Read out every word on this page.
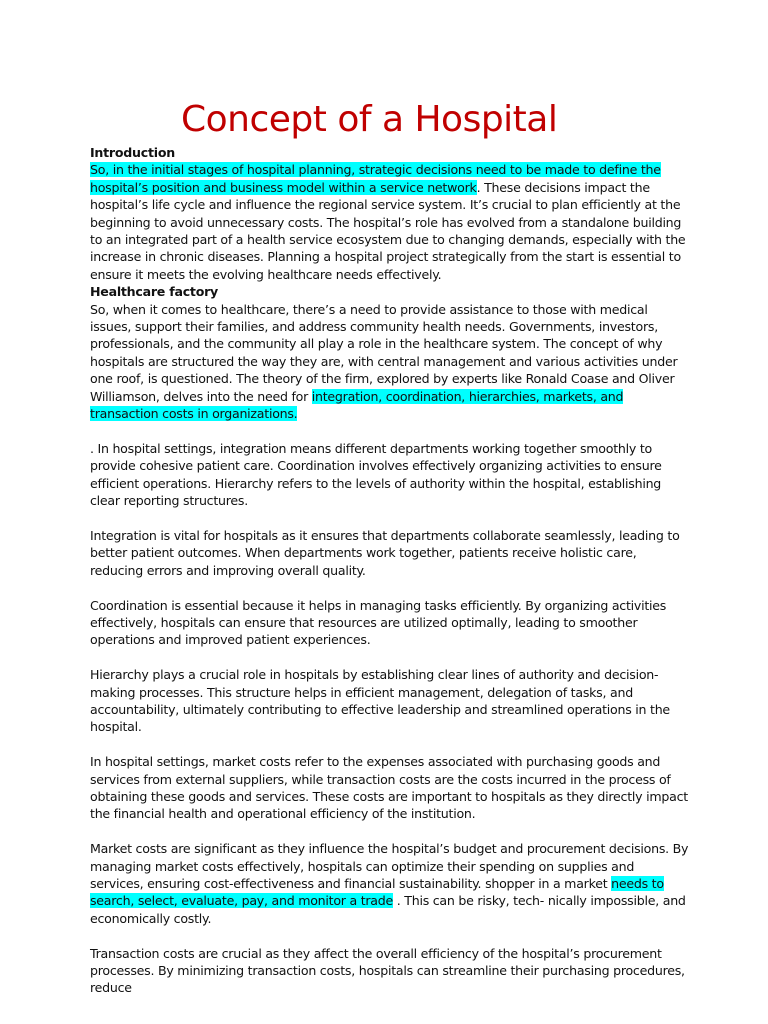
Concept of a Hospital
Introduction

So, in the initial stages of hospital planning, strategic decisions need to be made to define the hospital’s position and business model within a service network. These decisions impact the hospital’s life cycle and influence the regional service system. It’s crucial to plan efficiently at the beginning to avoid unnecessary costs. The hospital’s role has evolved from a standalone building to an integrated part of a health service ecosystem due to changing demands, especially with the increase in chronic diseases. Planning a hospital project strategically from the start is essential to ensure it meets the evolving healthcare needs effectively.

Healthcare factory

So, when it comes to healthcare, there’s a need to provide assistance to those with medical issues, support their families, and address community health needs. Governments, investors, professionals, and the community all play a role in the healthcare system. The concept of why hospitals are structured the way they are, with central management and various activities under one roof, is questioned. The theory of the firm, explored by experts like Ronald Coase and Oliver Williamson, delves into the need for integration, coordination, hierarchies, markets, and transaction costs in organizations.

. In hospital settings, integration means different departments working together smoothly to provide cohesive patient care. Coordination involves effectively organizing activities to ensure efficient operations. Hierarchy refers to the levels of authority within the hospital, establishing clear reporting structures.

Integration is vital for hospitals as it ensures that departments collaborate seamlessly, leading to better patient outcomes. When departments work together, patients receive holistic care, reducing errors and improving overall quality.

Coordination is essential because it helps in managing tasks efficiently. By organizing activities effectively, hospitals can ensure that resources are utilized optimally, leading to smoother operations and improved patient experiences.

Hierarchy plays a crucial role in hospitals by establishing clear lines of authority and decision-making processes. This structure helps in efficient management, delegation of tasks, and accountability, ultimately contributing to effective leadership and streamlined operations in the hospital.

In hospital settings, market costs refer to the expenses associated with purchasing goods and services from external suppliers, while transaction costs are the costs incurred in the process of obtaining these goods and services. These costs are important to hospitals as they directly impact the financial health and operational efficiency of the institution.

Market costs are significant as they influence the hospital’s budget and procurement decisions. By managing market costs effectively, hospitals can optimize their spending on supplies and services, ensuring cost-effectiveness and financial sustainability. shopper in a market needs to search, select, evaluate, pay, and monitor a trade . This can be risky, tech- nically impossible, and economically costly.

Transaction costs are crucial as they affect the overall efficiency of the hospital’s procurement processes. By minimizing transaction costs, hospitals can streamline their purchasing procedures, reduce
